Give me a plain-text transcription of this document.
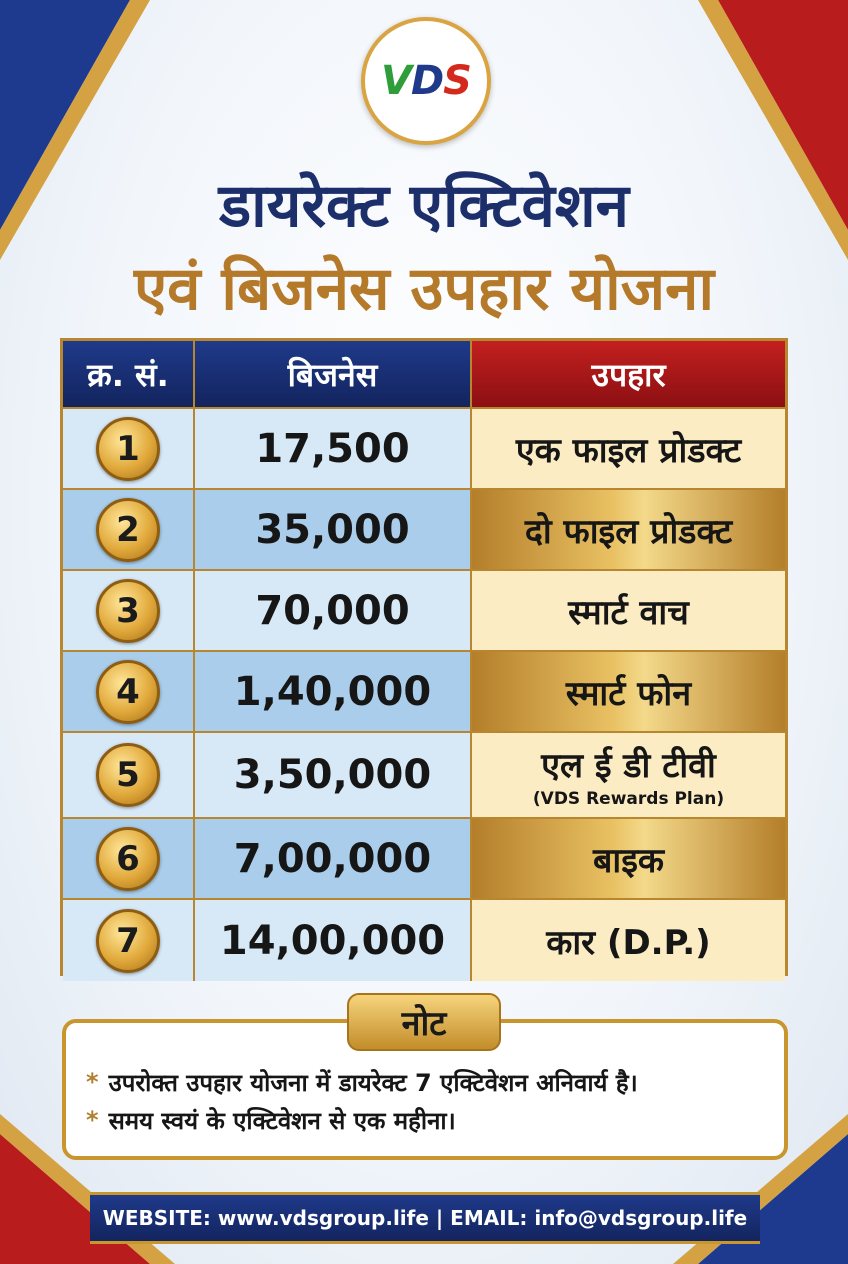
VDS
डायरेक्ट एक्टिवेशन
एवं बिजनेस उपहार योजना
क्र. सं.	बिजनेस	उपहार
1	17,500	एक फाइल प्रोडक्ट
2	35,000	दो फाइल प्रोडक्ट
3	70,000	स्मार्ट वाच
4	1,40,000	स्मार्ट फोन
5	3,50,000	एल ई डी टीवी
(VDS Rewards Plan)
6	7,00,000	बाइक
7	14,00,000	कार (D.P.)
* उपरोक्त उपहार योजना में डायरेक्ट 7 एक्टिवेशन अनिवार्य है।
* समय स्वयं के एक्टिवेशन से एक महीना।
नोट
WEBSITE: www.vdsgroup.life | EMAIL: info@vdsgroup.life
